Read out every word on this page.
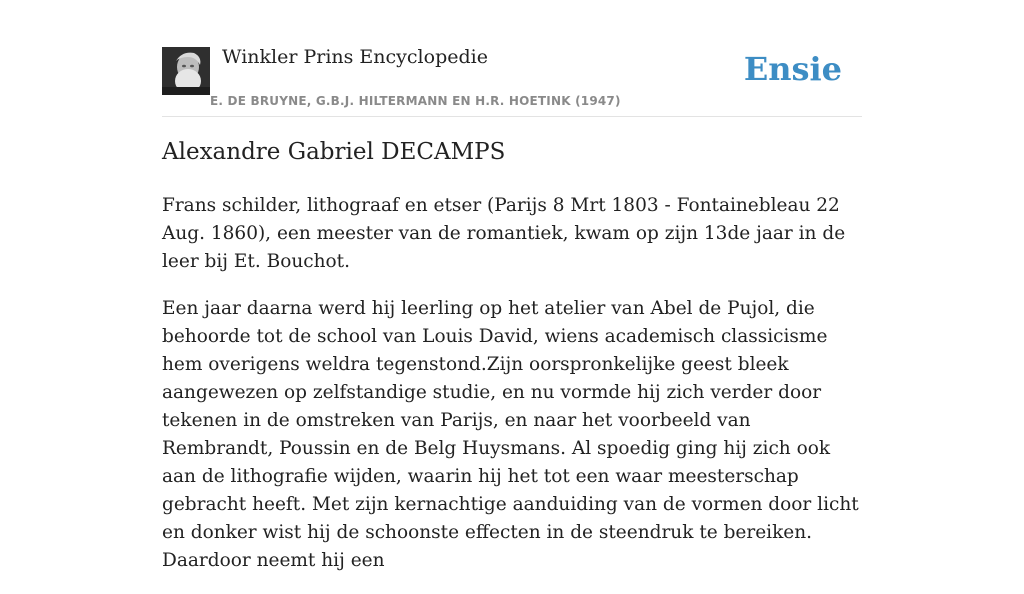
Winkler Prins Encyclopedie
E. DE BRUYNE, G.B.J. HILTERMANN EN H.R. HOETINK (1947)
Ensie
Alexandre Gabriel DECAMPS

Frans schilder, lithograaf en etser (Parijs 8 Mrt 1803 - Fontainebleau 22 Aug. 1860), een meester van de romantiek, kwam op zijn 13de jaar in de leer bij Et. Bouchot.

Een jaar daarna werd hij leerling op het atelier van Abel de Pujol, die behoorde tot de school van Louis David, wiens academisch classicisme hem overigens weldra tegenstond.Zijn oorspronkelijke geest bleek aangewezen op zelfstandige studie, en nu vormde hij zich verder door tekenen in de omstreken van Parijs, en naar het voorbeeld van Rembrandt, Poussin en de Belg Huysmans. Al spoedig ging hij zich ook aan de lithografie wijden, waarin hij het tot een waar meesterschap gebracht heeft. Met zijn kernachtige aanduiding van de vormen door licht en donker wist hij de schoonste effecten in de steendruk te bereiken. Daardoor neemt hij een
